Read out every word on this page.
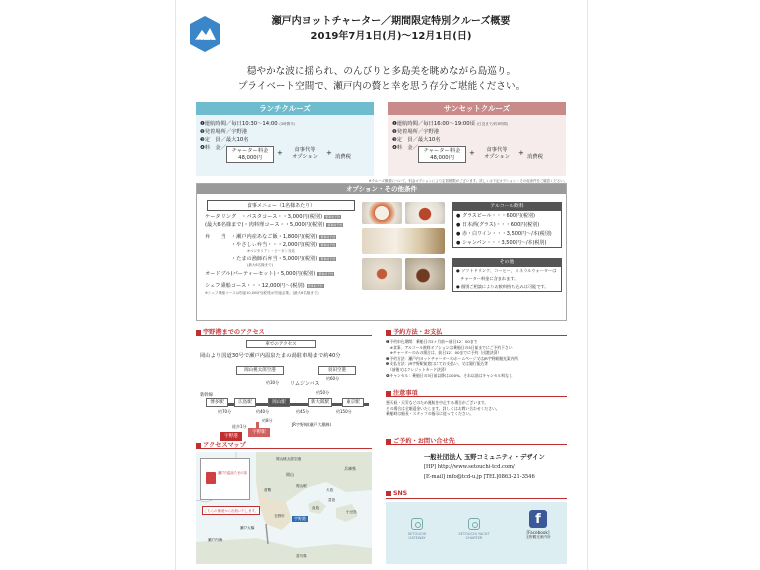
SETOUCHI
GATEWAY
瀬戸内ヨットチャーター／期間限定特別クルーズ概要
2019年7月1日(月)〜12月1日(日)
穏やかな波に揺られ、のんびりと多島美を眺めながら島巡り。
プライベート空間で、瀬戸内の贅と幸を思う存分ご堪能ください。
ランチクルーズ
❶運航時間／毎日10:30〜14:00 (3時間半)
❷発着場所／宇野港
❸定　員／最大10名
❹料　金／	チャーター料金
48,000円
+	食事代等
オプション	+ 消費税
サンセットクルーズ
❶運航時間／毎日16:00〜19:00頃 (日没まで/約3時間)
❷発着場所／宇野港
❸定　員／最大10名
❹料　金／	チャーター料金
48,000円
+	食事代等
オプション	+ 消費税
※クルーズ概要について、料金オプションにより定員制限がございます。詳しくは下記オプション・その他条件をご確認ください。
オプション・その他条件
食事メニュー（1名様あたり）
ケータリング　・パスタコース・・3,000円(税別) 要事前予約
(最大6名様まで)・肉料理コース・・5,000円(税別) 要事前予約
弁　　当　・瀬戸内産あなご飯・1,800円(税別) 要事前予約
　　　　　・やさしぃ弁当・・・2,000円(税別) 要事前予約
※ベジタリアン・ビーガン対応
　　　　　・たまの漁師石弁当・5,000円(税別) 要事前予約
(最大6名様まで)
オードブル(パーティーセット)・5,000円(税別) 要事前予約
シェフ乗船コース・・・12,000円〜(税別) 要事前予約
※シェフ乗船コースは別途10,000円(税別)が別途必要。(最大6名様まで)
アルコール飲料
● グラスビール・・・600円(税別)
● 日本酒(グラス)・・・600円(税別)
● 赤・白ワイン・・・3,500円〜/本(税別)
● シャンパン・・・3,500円〜/本(税別)
その他
● ソフトドリンク、コーヒー、ミネラルウォーターは
　チャーター料金に含まれます。
● 個別ご相談によりお飲料持ち込みは可能です。
宇野港までのアクセス
車でのアクセス
岡山より国道30号で瀬戸内温泉たまの湯駐車場まで約40分
岡山桃太郎空港	羽田空港
新幹線
博多駅	広島駅	岡山駅	新大阪駅	東京駅
宇野駅
宇野港
JR宇野線(瀬戸大橋線)
リムジンバス
約30分
約60分
約70分	約40分	約45分	約150分
約50分
約8分
徒歩1分
アクセスマップ
瀬戸内温泉たまの湯
こちらの係留から出航いたします。
岡山桃太郎空港
岡山
兵庫県
岡山駅
倉敷
玉野市	宇野港
瀬戸大橋
瀬戸内海
香川県
小豆島
直島
豊島
犬島
予約方法・お支払
❶予約申込期間：乗船日の2ヶ月前〜前日12：00まで
　※食事、アルコール飲料オプションは乗船日の5日前までにご予約下さい
　※チャーターのみの場合は、前日12：00までに予約（出港決済）
❷予約方法：瀬戸内ヨットチャーターのホームページ又はJR宇野駅観光案内所
❸支払方法：JR宇野駅前窓口にてお支払い、又は銀行振込等
　（前後又はクレジットカード決済）
❹キャンセル：乗船日の3日前以降は100%、それ以前はキャンセル料なし
注意事項
悪天候・天災などのため運航を中止する場合がございます。
その場合は全額返金いたします。詳しくはお問い合わせください。
乗船時は船長・スタッフの指示に従ってください。
ご予約・お問い合せ先
一般社団法人 玉野コミュニティ・デザイン
[HP] http://www.setouchi-tcd.com/
[E-mail] info@tcd-u.jp [TEL]0863-21-3546
SNS
SETOUCHI GATEWAY
SETOUCHI YACHT CHARTER
f
[Facebook]
玉野観光案内所
